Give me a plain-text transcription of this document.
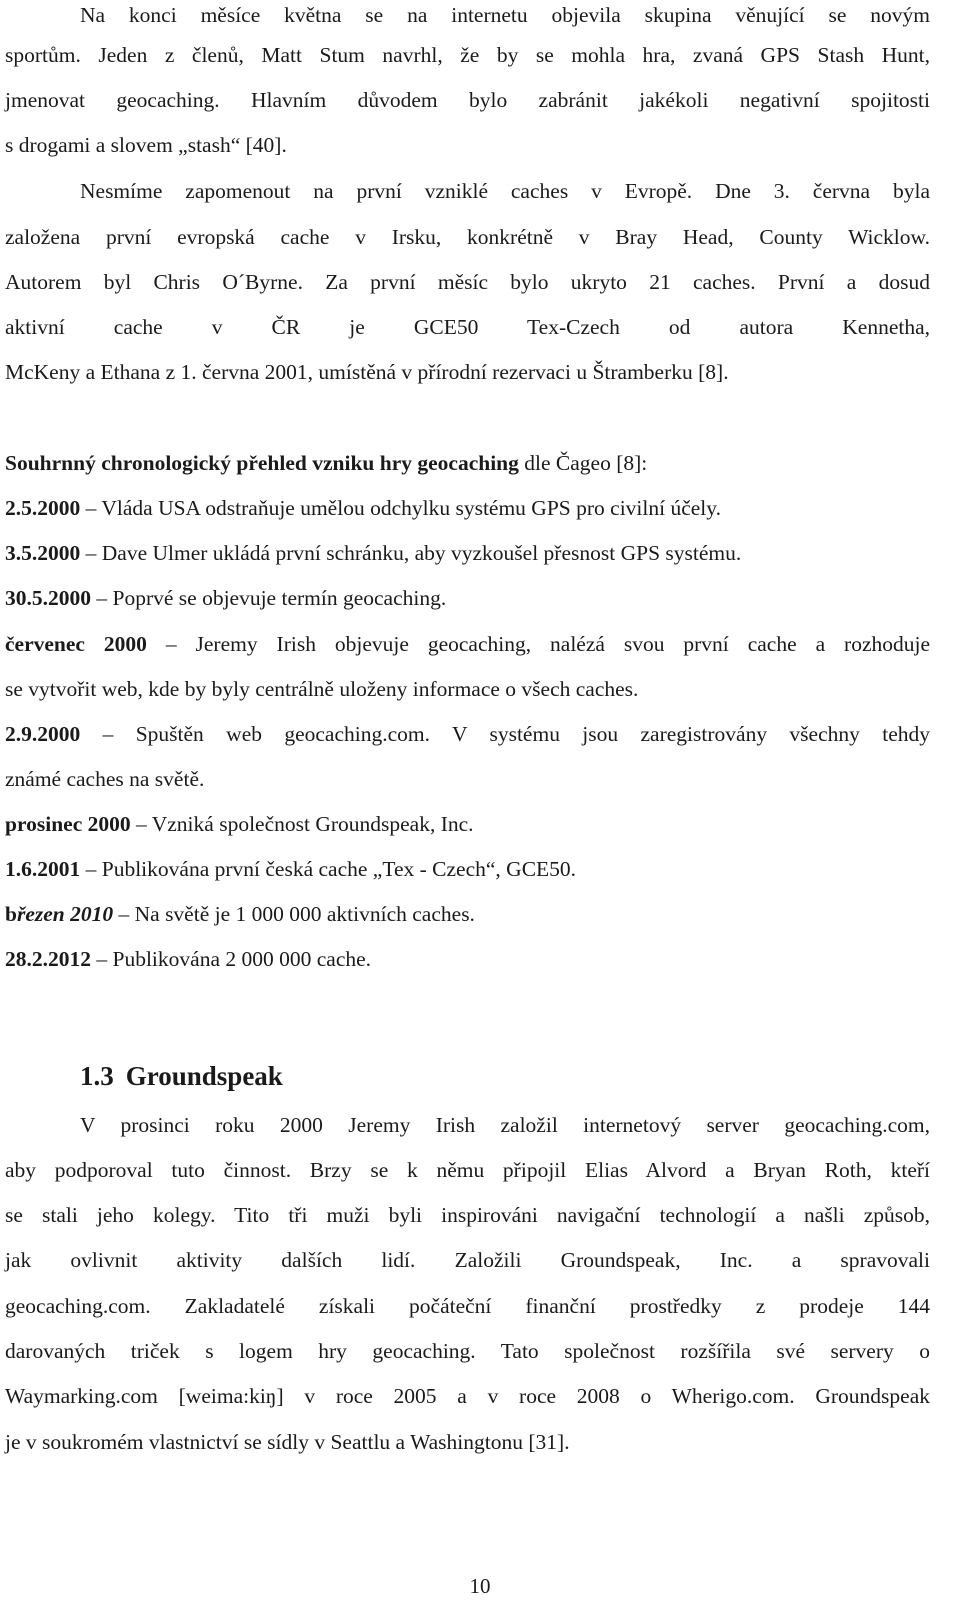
Na konci měsíce května se na internetu objevila skupina věnující se novým
sportům. Jeden z členů, Matt Stum navrhl, že by se mohla hra, zvaná GPS Stash Hunt,
jmenovat geocaching. Hlavním důvodem bylo zabránit jakékoli negativní spojitosti
s drogami a slovem „stash“ [40].
Nesmíme zapomenout na první vzniklé caches v Evropě. Dne 3. června byla
založena první evropská cache v Irsku, konkrétně v Bray Head, County Wicklow.
Autorem byl Chris O´Byrne. Za první měsíc bylo ukryto 21 caches. První a dosud
aktivní cache v ČR je GCE50 Tex-Czech od autora Kennetha,
McKeny a Ethana z 1. června 2001, umístěná v přírodní rezervaci u Štramberku [8].
Souhrnný chronologický přehled vzniku hry geocaching dle Čageo [8]:
2.5.2000 – Vláda USA odstraňuje umělou odchylku systému GPS pro civilní účely.
3.5.2000 – Dave Ulmer ukládá první schránku, aby vyzkoušel přesnost GPS systému.
30.5.2000 – Poprvé se objevuje termín geocaching.
červenec 2000 – Jeremy Irish objevuje geocaching, nalézá svou první cache a rozhoduje
se vytvořit web, kde by byly centrálně uloženy informace o všech caches.
2.9.2000 – Spuštěn web geocaching.com. V systému jsou zaregistrovány všechny tehdy
známé caches na světě.
prosinec 2000 – Vzniká společnost Groundspeak, Inc.
1.6.2001 – Publikována první česká cache „Tex - Czech“, GCE50.
březen 2010 – Na světě je 1 000 000 aktivních caches.
28.2.2012 – Publikována 2 000 000 cache.
1.3 Groundspeak
V prosinci roku 2000 Jeremy Irish založil internetový server geocaching.com,
aby podporoval tuto činnost. Brzy se k němu připojil Elias Alvord a Bryan Roth, kteří
se stali jeho kolegy. Tito tři muži byli inspirováni navigační technologií a našli způsob,
jak ovlivnit aktivity dalších lidí. Založili Groundspeak, Inc. a spravovali
geocaching.com. Zakladatelé získali počáteční finanční prostředky z prodeje 144
darovaných triček s logem hry geocaching. Tato společnost rozšířila své servery o
Waymarking.com [weima:kiŋ] v roce 2005 a v roce 2008 o Wherigo.com. Groundspeak
je v soukromém vlastnictví se sídly v Seattlu a Washingtonu [31].
10
